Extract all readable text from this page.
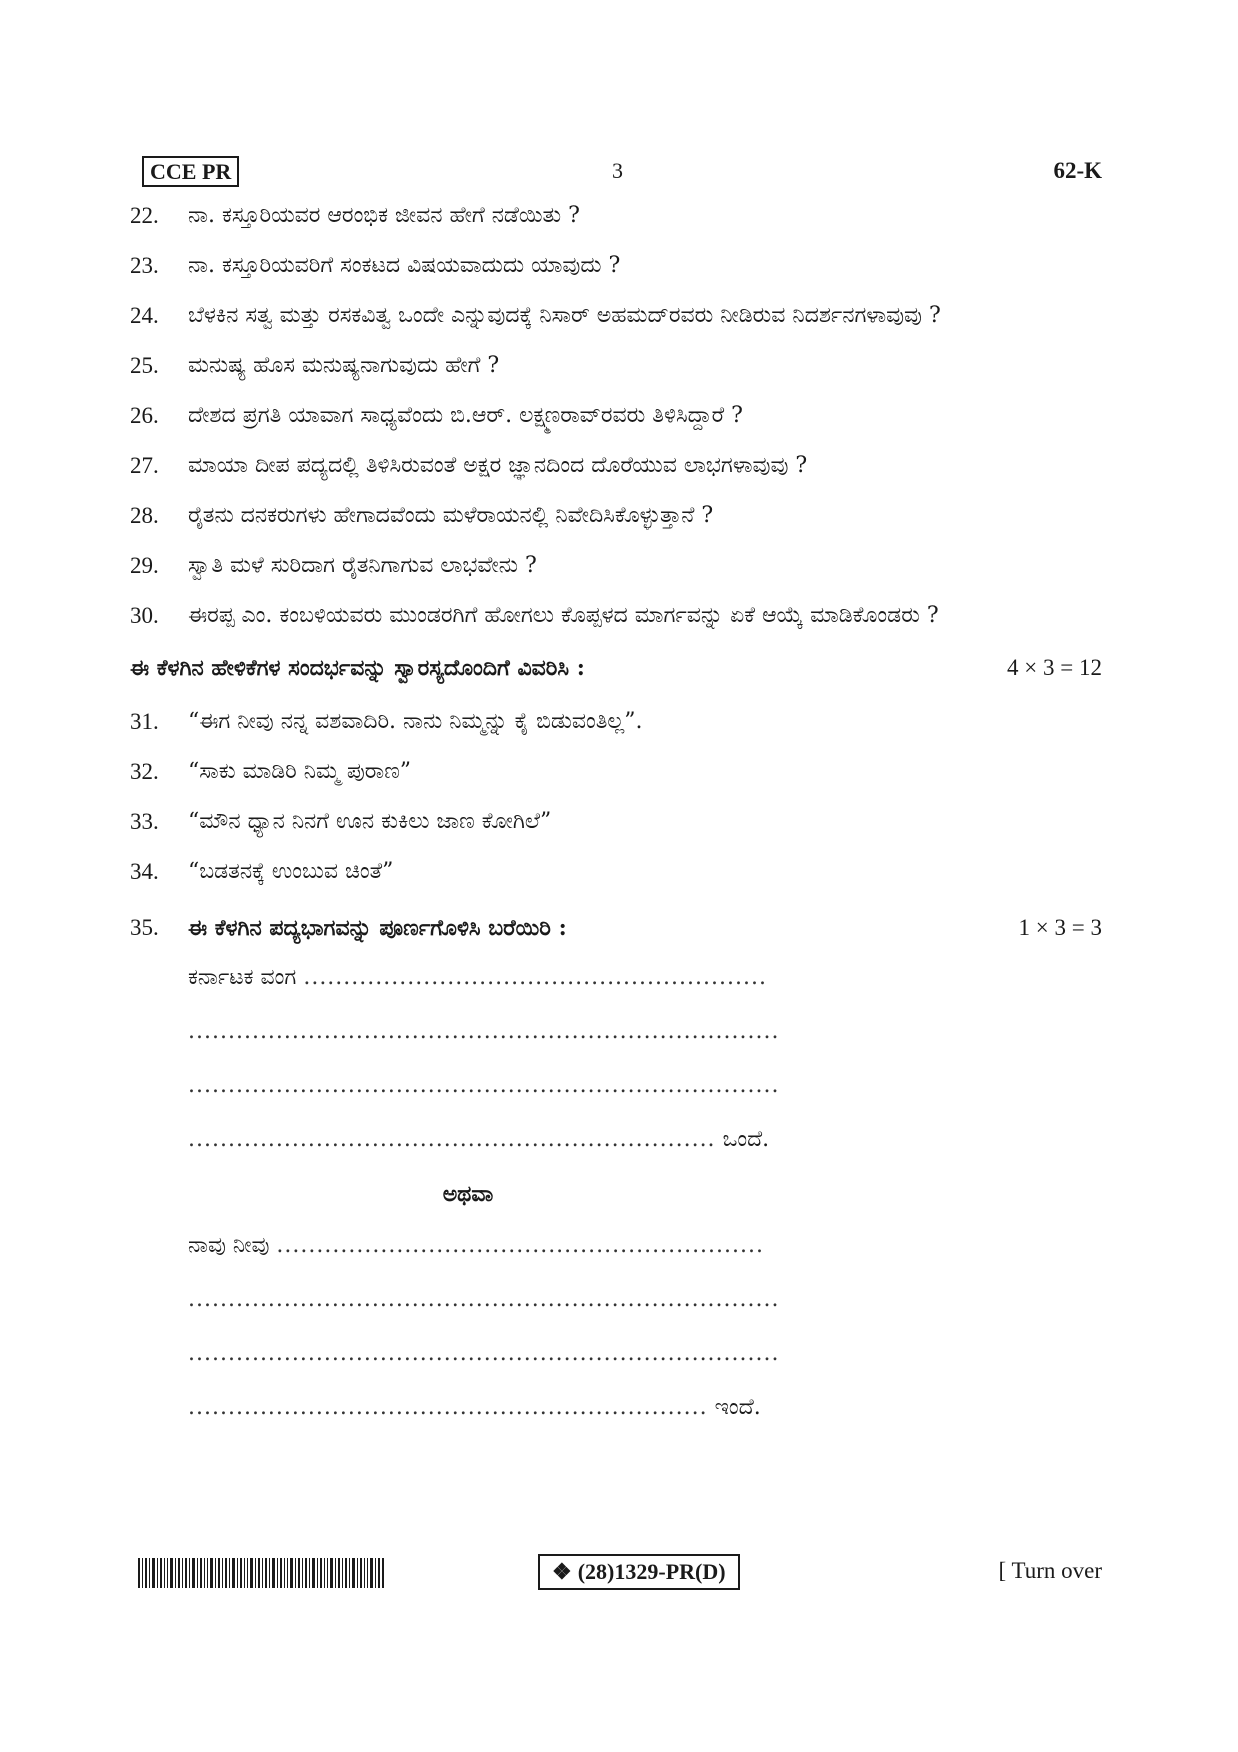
CCE PR	3	62-K
22.	ನಾ. ಕಸ್ತೂರಿಯವರ ಆರಂಭಿಕ ಜೀವನ ಹೇಗೆ ನಡೆಯಿತು ?
23.	ನಾ. ಕಸ್ತೂರಿಯವರಿಗೆ ಸಂಕಟದ ವಿಷಯವಾದುದು ಯಾವುದು ?
24.	ಬೆಳಕಿನ ಸತ್ವ ಮತ್ತು ರಸಕವಿತ್ವ ಒಂದೇ ಎನ್ನುವುದಕ್ಕೆ ನಿಸಾರ್ ಅಹಮದ್‌ರವರು ನೀಡಿರುವ ನಿದರ್ಶನಗಳಾವುವು ?
25.	ಮನುಷ್ಯ ಹೊಸ ಮನುಷ್ಯನಾಗುವುದು ಹೇಗೆ ?
26.	ದೇಶದ ಪ್ರಗತಿ ಯಾವಾಗ ಸಾಧ್ಯವೆಂದು ಬಿ.ಆರ್. ಲಕ್ಷ್ಮಣರಾವ್‌ರವರು ತಿಳಿಸಿದ್ದಾರೆ ?
27.	ಮಾಯಾ ದೀಪ ಪದ್ಯದಲ್ಲಿ ತಿಳಿಸಿರುವಂತೆ ಅಕ್ಷರ ಜ್ಞಾನದಿಂದ ದೊರೆಯುವ ಲಾಭಗಳಾವುವು ?
28.	ರೈತನು ದನಕರುಗಳು ಹೇಗಾದವೆಂದು ಮಳೆರಾಯನಲ್ಲಿ ನಿವೇದಿಸಿಕೊಳ್ಳುತ್ತಾನೆ ?
29.	ಸ್ವಾತಿ ಮಳೆ ಸುರಿದಾಗ ರೈತನಿಗಾಗುವ ಲಾಭವೇನು ?
30.	ಈರಪ್ಪ ಎಂ. ಕಂಬಳಿಯವರು ಮುಂಡರಗಿಗೆ ಹೋಗಲು ಕೊಪ್ಪಳದ ಮಾರ್ಗವನ್ನು ಏಕೆ ಆಯ್ಕೆ ಮಾಡಿಕೊಂಡರು ?
ಈ ಕೆಳಗಿನ ಹೇಳಿಕೆಗಳ ಸಂದರ್ಭವನ್ನು ಸ್ವಾರಸ್ಯದೊಂದಿಗೆ ವಿವರಿಸಿ :	4 × 3 = 12
31.	“ಈಗ ನೀವು ನನ್ನ ವಶವಾದಿರಿ. ನಾನು ನಿಮ್ಮನ್ನು ಕೈ ಬಿಡುವಂತಿಲ್ಲ”.
32.	“ಸಾಕು ಮಾಡಿರಿ ನಿಮ್ಮ ಪುರಾಣ”
33.	“ಮೌನ ಧ್ಯಾನ ನಿನಗೆ ಊನ ಕುಕಿಲು ಜಾಣ ಕೋಗಿಲೆ”
34.	“ಬಡತನಕ್ಕೆ ಉಂಬುವ ಚಿಂತೆ”
35.	ಈ ಕೆಳಗಿನ ಪದ್ಯಭಾಗವನ್ನು ಪೂರ್ಣಗೊಳಿಸಿ ಬರೆಯಿರಿ :	1 × 3 = 3
ಕರ್ನಾಟಕ ವಂಗ ..........................................................
..........................................................................
..........................................................................
.................................................................. ಒಂದೆ.
ಅಥವಾ
ನಾವು ನೀವು .............................................................
..........................................................................
..........................................................................
................................................................. ಇಂದೆ.
❖ (28)1329-PR(D)	[ Turn over
